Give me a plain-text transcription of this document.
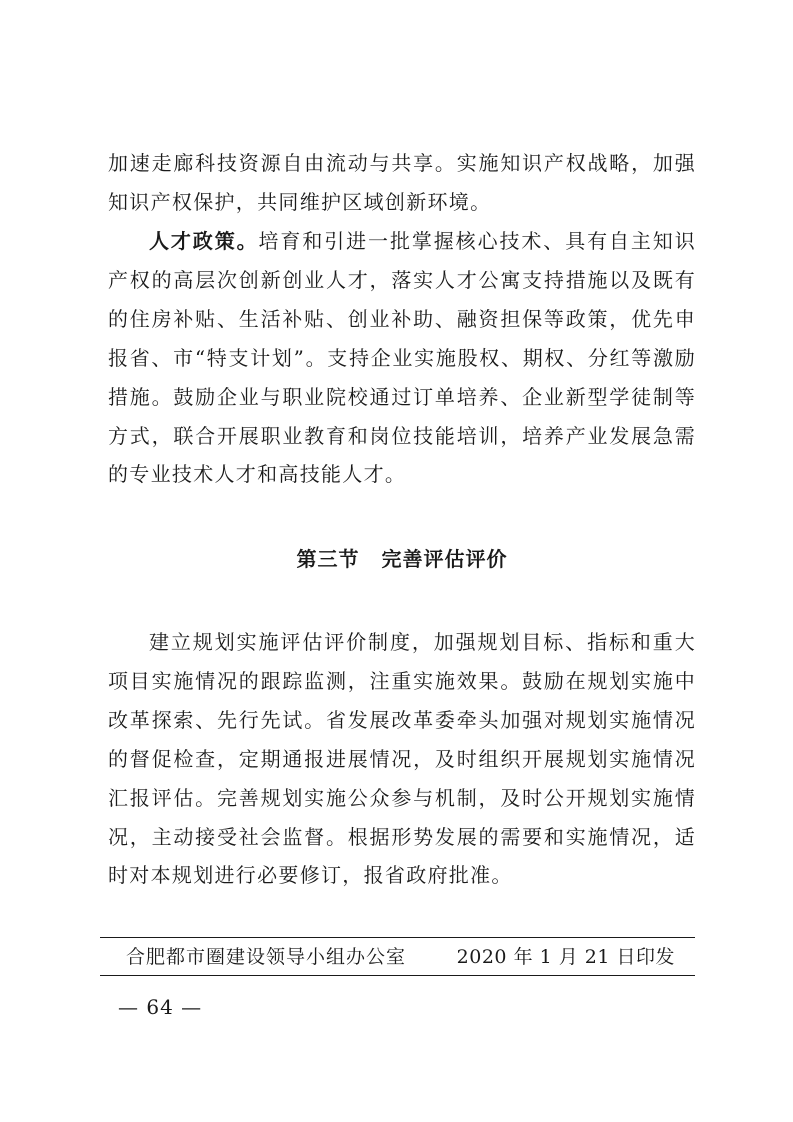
加速走廊科技资源自由流动与共享。实施知识产权战略，加强知识产权保护，共同维护区域创新环境。

人才政策。培育和引进一批掌握核心技术、具有自主知识产权的高层次创新创业人才，落实人才公寓支持措施以及既有的住房补贴、生活补贴、创业补助、融资担保等政策，优先申报省、市“特支计划”。支持企业实施股权、期权、分红等激励措施。鼓励企业与职业院校通过订单培养、企业新型学徒制等方式，联合开展职业教育和岗位技能培训，培养产业发展急需的专业技术人才和高技能人才。

第三节 完善评估评价

建立规划实施评估评价制度，加强规划目标、指标和重大项目实施情况的跟踪监测，注重实施效果。鼓励在规划实施中改革探索、先行先试。省发展改革委牵头加强对规划实施情况的督促检查，定期通报进展情况，及时组织开展规划实施情况汇报评估。完善规划实施公众参与机制，及时公开规划实施情况，主动接受社会监督。根据形势发展的需要和实施情况，适时对本规划进行必要修订，报省政府批准。

合肥都市圈建设领导小组办公室	2020 年 1 月 21 日印发
— 64 —
